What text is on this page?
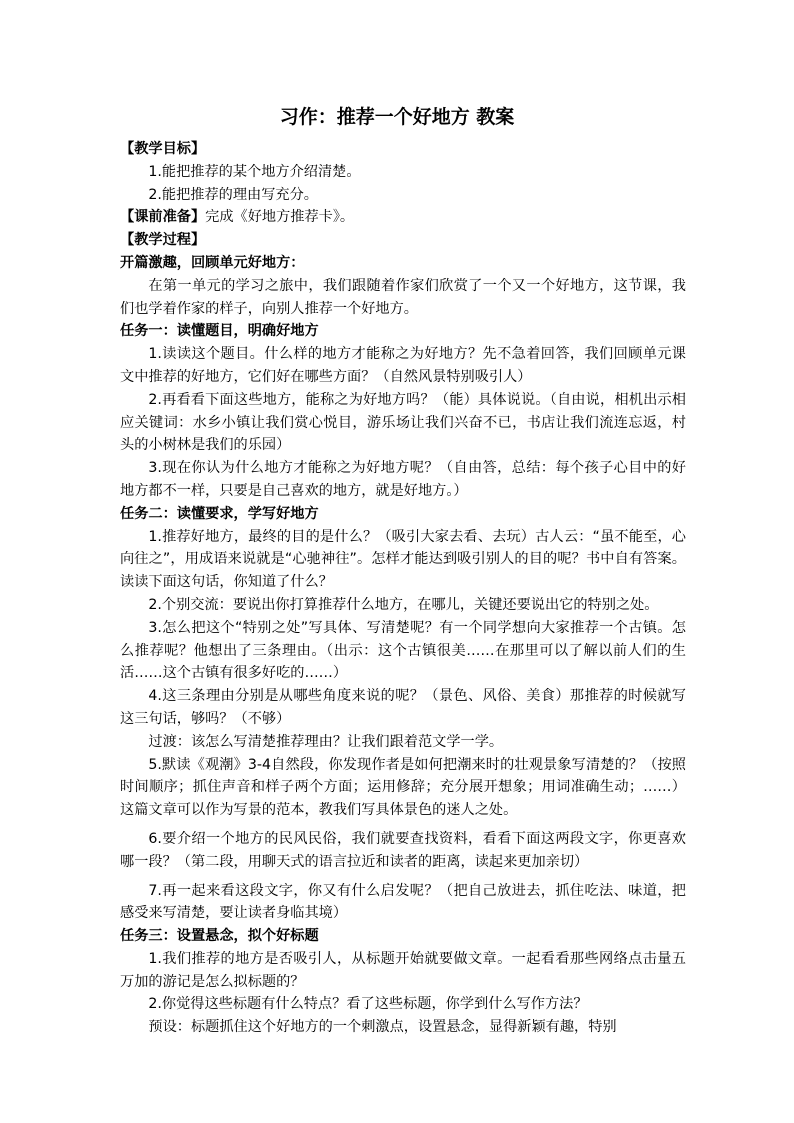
习作：推荐一个好地方 教案

【教学目标】

1.能把推荐的某个地方介绍清楚。

2.能把推荐的理由写充分。

【课前准备】完成《好地方推荐卡》。

【教学过程】

开篇激趣，回顾单元好地方：

在第一单元的学习之旅中，我们跟随着作家们欣赏了一个又一个好地方，这节课，我们也学着作家的样子，向别人推荐一个好地方。

任务一：读懂题目，明确好地方

1.读读这个题目。什么样的地方才能称之为好地方？先不急着回答，我们回顾单元课文中推荐的好地方，它们好在哪些方面？（自然风景特别吸引人）

2.再看看下面这些地方，能称之为好地方吗？（能）具体说说。（自由说，相机出示相应关键词：水乡小镇让我们赏心悦目，游乐场让我们兴奋不已，书店让我们流连忘返，村头的小树林是我们的乐园）

3.现在你认为什么地方才能称之为好地方呢？（自由答，总结：每个孩子心目中的好地方都不一样，只要是自己喜欢的地方，就是好地方。）

任务二：读懂要求，学写好地方

1.推荐好地方，最终的目的是什么？（吸引大家去看、去玩）古人云：“虽不能至，心向往之”，用成语来说就是“心驰神往”。怎样才能达到吸引别人的目的呢？书中自有答案。读读下面这句话，你知道了什么？

2.个别交流：要说出你打算推荐什么地方，在哪儿，关键还要说出它的特别之处。

3.怎么把这个“特别之处”写具体、写清楚呢？有一个同学想向大家推荐一个古镇。怎么推荐呢？他想出了三条理由。（出示：这个古镇很美……在那里可以了解以前人们的生活……这个古镇有很多好吃的……）

4.这三条理由分别是从哪些角度来说的呢？（景色、风俗、美食）那推荐的时候就写这三句话，够吗？（不够）

过渡：该怎么写清楚推荐理由？让我们跟着范文学一学。

5.默读《观潮》3-4自然段，你发现作者是如何把潮来时的壮观景象写清楚的？（按照时间顺序；抓住声音和样子两个方面；运用修辞；充分展开想象；用词准确生动；……）这篇文章可以作为写景的范本，教我们写具体景色的迷人之处。

6.要介绍一个地方的民风民俗，我们就要查找资料，看看下面这两段文字，你更喜欢哪一段？（第二段，用聊天式的语言拉近和读者的距离，读起来更加亲切）

7.再一起来看这段文字，你又有什么启发呢？（把自己放进去，抓住吃法、味道，把感受来写清楚，要让读者身临其境）

任务三：设置悬念，拟个好标题

1.我们推荐的地方是否吸引人，从标题开始就要做文章。一起看看那些网络点击量五万加的游记是怎么拟标题的？

2.你觉得这些标题有什么特点？看了这些标题，你学到什么写作方法？

预设：标题抓住这个好地方的一个刺激点，设置悬念，显得新颖有趣，特别
